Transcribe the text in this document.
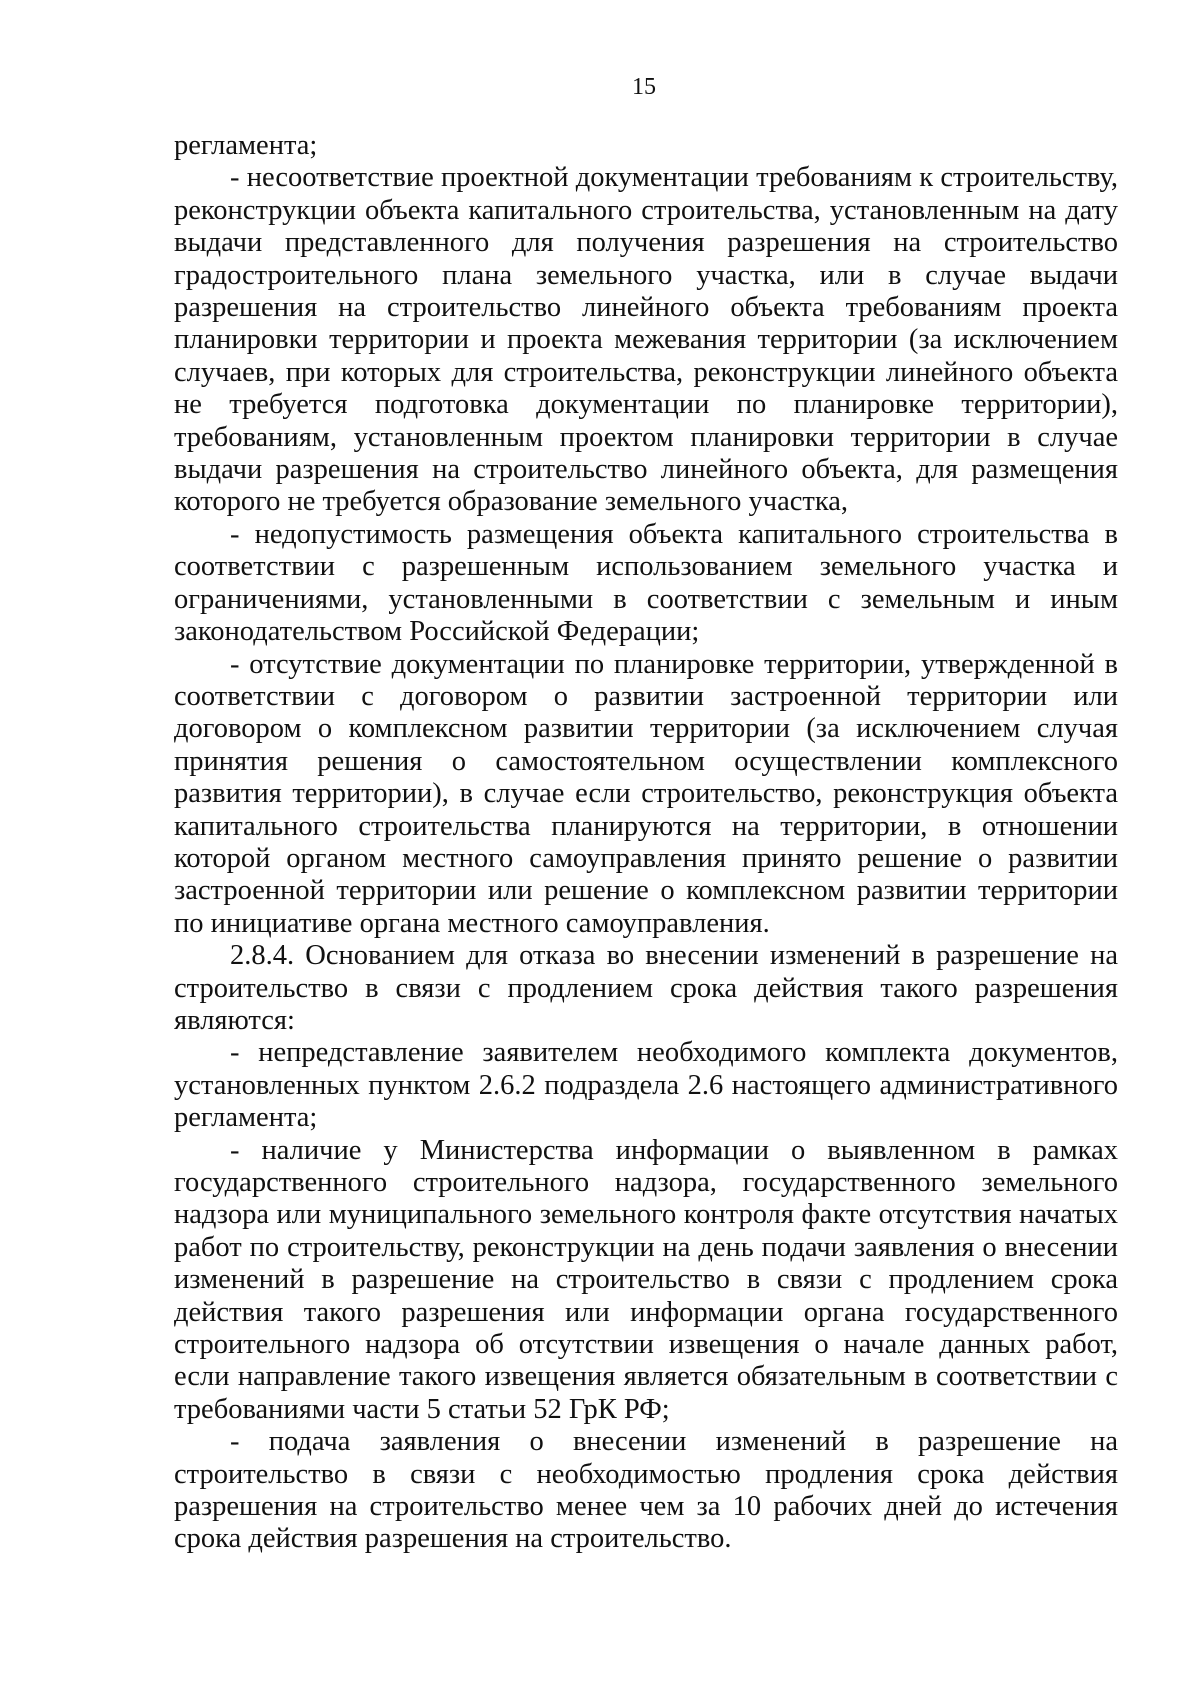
15

регламента;

- несоответствие проектной документации требованиям к строительству, реконструкции объекта капитального строительства, установленным на дату выдачи представленного для получения разрешения на строительство градостроительного плана земельного участка, или в случае выдачи разрешения на строительство линейного объекта требованиям проекта планировки территории и проекта межевания территории (за исключением случаев, при которых для строительства, реконструкции линейного объекта не требуется подготовка документации по планировке территории), требованиям, установленным проектом планировки территории в случае выдачи разрешения на строительство линейного объекта, для размещения которого не требуется образование земельного участка,

- недопустимость размещения объекта капитального строительства в соответствии с разрешенным использованием земельного участка и ограничениями, установленными в соответствии с земельным и иным законодательством Российской Федерации;

- отсутствие документации по планировке территории, утвержденной в соответствии с договором о развитии застроенной территории или договором о комплексном развитии территории (за исключением случая принятия решения о самостоятельном осуществлении комплексного развития территории), в случае если строительство, реконструкция объекта капитального строительства планируются на территории, в отношении которой органом местного самоуправления принято решение о развитии застроенной территории или решение о комплексном развитии территории по инициативе органа местного самоуправления.

2.8.4. Основанием для отказа во внесении изменений в разрешение на строительство в связи с продлением срока действия такого разрешения являются:

- непредставление заявителем необходимого комплекта документов, установленных пунктом 2.6.2 подраздела 2.6 настоящего административного регламента;

- наличие у Министерства информации о выявленном в рамках государственного строительного надзора, государственного земельного надзора или муниципального земельного контроля факте отсутствия начатых работ по строительству, реконструкции на день подачи заявления о внесении изменений в разрешение на строительство в связи с продлением срока действия такого разрешения или информации органа государственного строительного надзора об отсутствии извещения о начале данных работ, если направление такого извещения является обязательным в соответствии с требованиями части 5 статьи 52 ГрК РФ;

- подача заявления о внесении изменений в разрешение на строительство в связи с необходимостью продления срока действия разрешения на строительство менее чем за 10 рабочих дней до истечения срока действия разрешения на строительство.
